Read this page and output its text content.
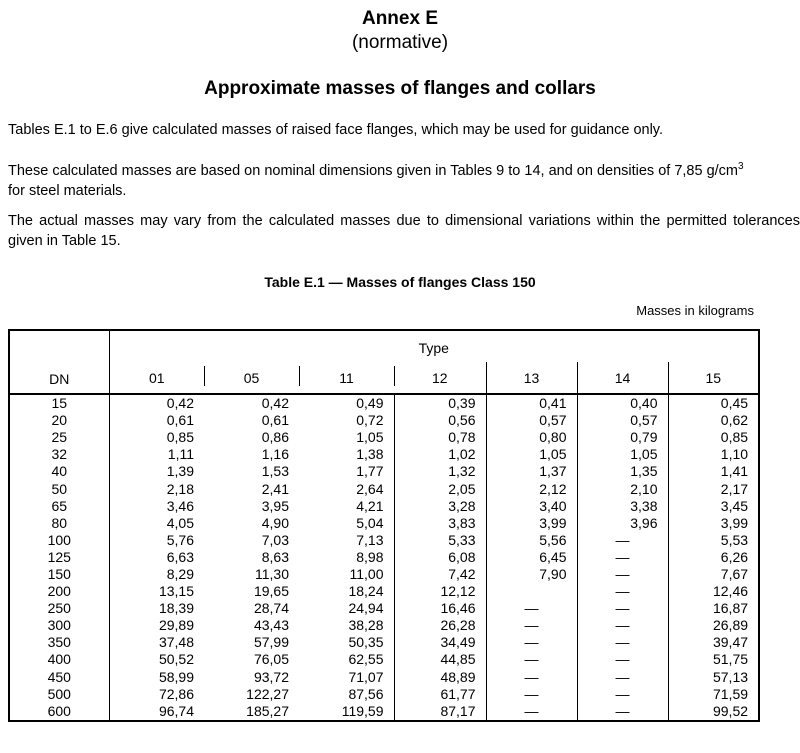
Annex E
(normative)
Approximate masses of flanges and collars
Tables E.1 to E.6 give calculated masses of raised face flanges, which may be used for guidance only.
These calculated masses are based on nominal dimensions given in Tables 9 to 14, and on densities of 7,85 $g/cm^3$
for steel materials.
The actual masses may vary from the calculated masses due to dimensional variations within the permitted tolerances given in Table 15.
Table E.1 — Masses of flanges Class 150
Masses in kilograms
DN	Type						
	01	05	11	12	13	14	15
15	0,42	0,42	0,49	0,39	0,41	0,40	0,45
20	0,61	0,61	0,72	0,56	0,57	0,57	0,62
25	0,85	0,86	1,05	0,78	0,80	0,79	0,85
32	1,11	1,16	1,38	1,02	1,05	1,05	1,10
40	1,39	1,53	1,77	1,32	1,37	1,35	1,41
50	2,18	2,41	2,64	2,05	2,12	2,10	2,17
65	3,46	3,95	4,21	3,28	3,40	3,38	3,45
80	4,05	4,90	5,04	3,83	3,99	3,96	3,99
100	5,76	7,03	7,13	5,33	5,56	—	5,53
125	6,63	8,63	8,98	6,08	6,45	—	6,26
150	8,29	11,30	11,00	7,42	7,90	—	7,67
200	13,15	19,65	18,24	12,12		—	12,46
250	18,39	28,74	24,94	16,46	—	—	16,87
300	29,89	43,43	38,28	26,28	—	—	26,89
350	37,48	57,99	50,35	34,49	—	—	39,47
400	50,52	76,05	62,55	44,85	—	—	51,75
450	58,99	93,72	71,07	48,89	—	—	57,13
500	72,86	122,27	87,56	61,77	—	—	71,59
600	96,74	185,27	119,59	87,17	—	—	99,52
